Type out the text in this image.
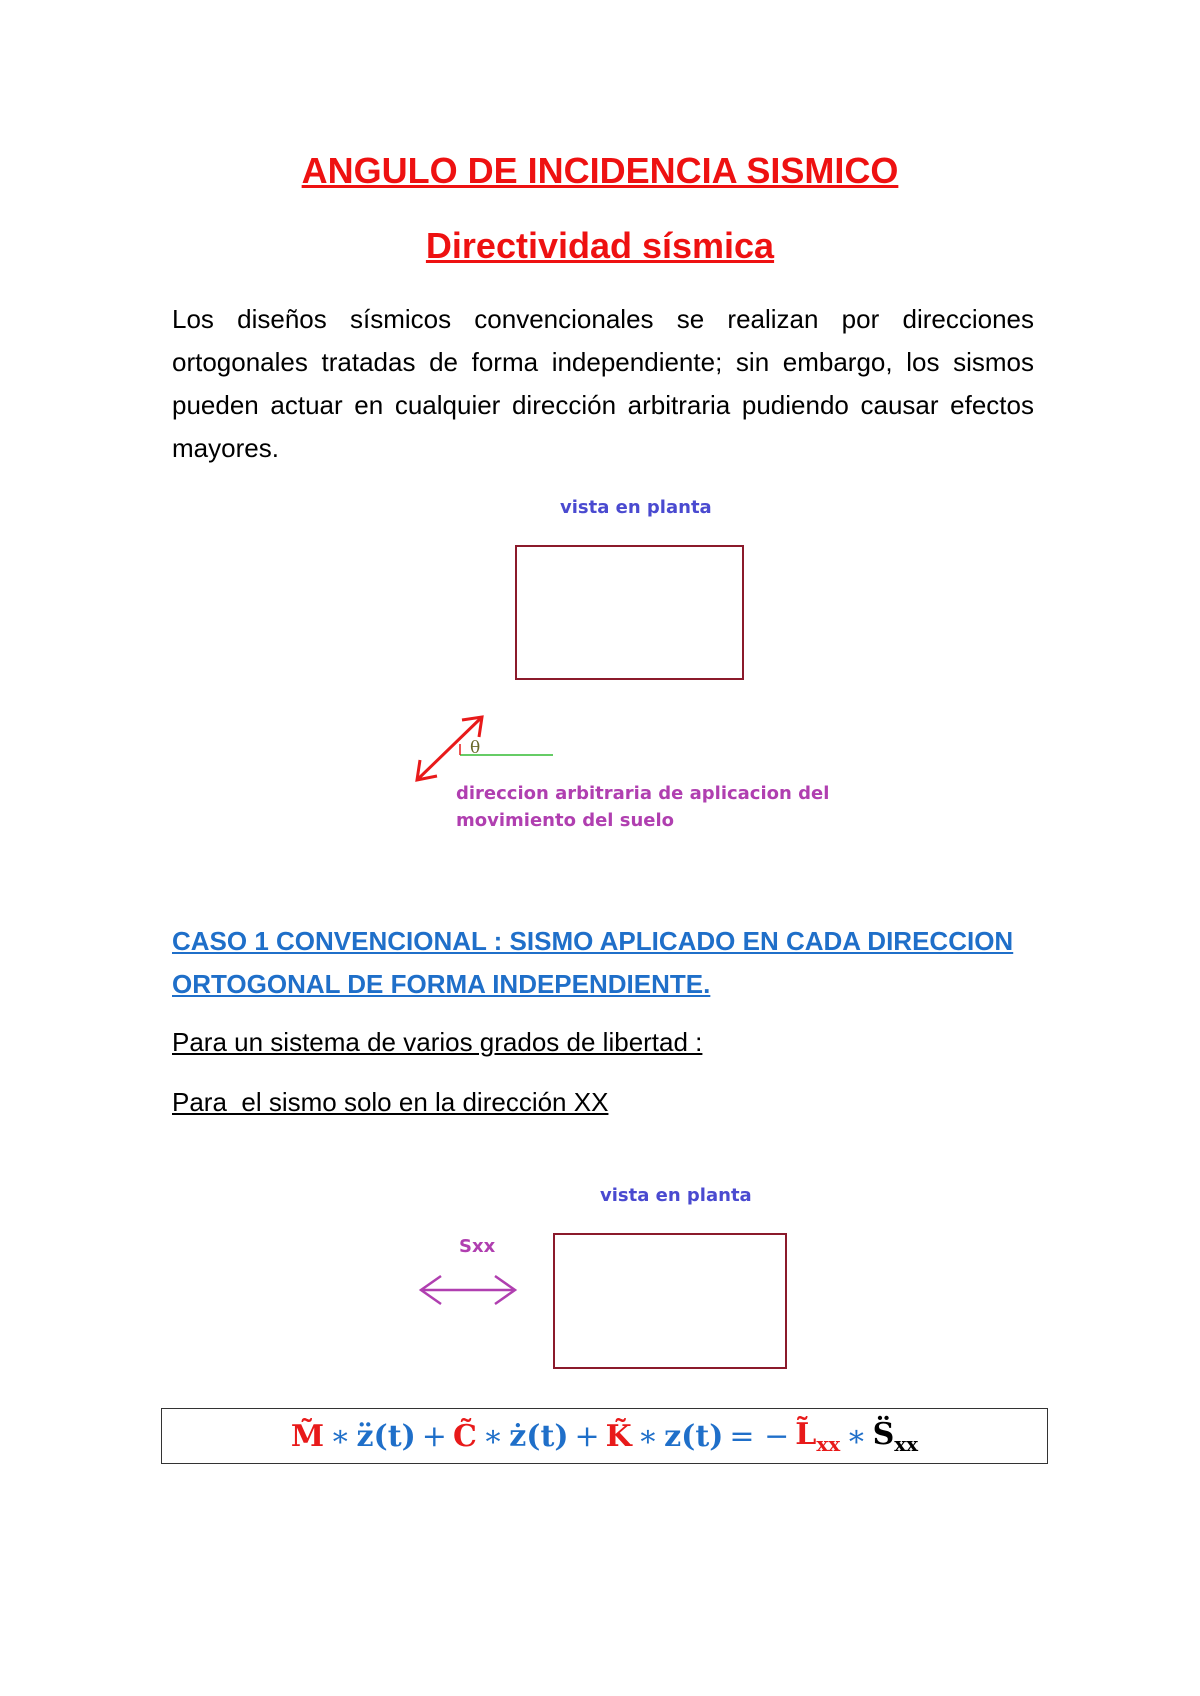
ANGULO DE INCIDENCIA SISMICO
Directividad sísmica
Los diseños sísmicos convencionales se realizan por direcciones ortogonales tratadas de forma independiente; sin embargo, los sismos pueden actuar en cualquier dirección arbitraria pudiendo causar efectos mayores.
vista en planta
θ
direccion arbitraria de aplicacion del
movimiento del suelo
CASO 1 CONVENCIONAL : SISMO APLICADO EN CADA DIRECCION
ORTOGONAL DE FORMA INDEPENDIENTE.
Para un sistema de varios grados de libertad :
Para  el sismo solo en la dirección XX
vista en planta
Sxx
M̃ ∗ z̈ (t) + C̃ ∗ ż (t) + K̃ ∗ z (t) = − $L̃_{xx}$ ∗ $S̈_{xx}$
